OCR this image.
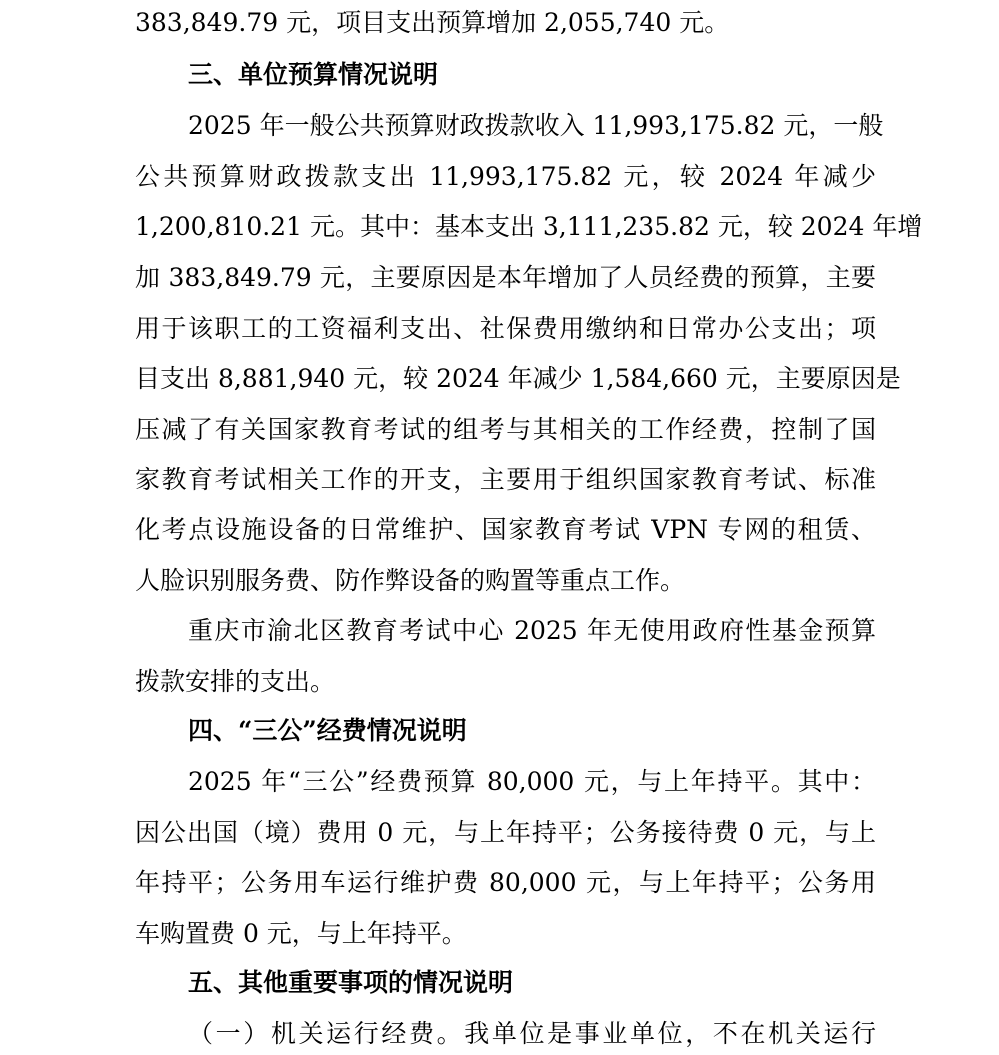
383,849.79 元，项目支出预算增加 2,055,740 元。
三、单位预算情况说明
2025 年一般公共预算财政拨款收入 11,993,175.82 元，一般
公共预算财政拨款支出 11,993,175.82 元，较 2024 年减少
1,200,810.21 元。其中：基本支出 3,111,235.82 元，较 2024 年增
加 383,849.79 元，主要原因是本年增加了人员经费的预算，主要
用于该职工的工资福利支出、社保费用缴纳和日常办公支出；项
目支出 8,881,940 元，较 2024 年减少 1,584,660 元，主要原因是
压减了有关国家教育考试的组考与其相关的工作经费，控制了国
家教育考试相关工作的开支，主要用于组织国家教育考试、标准
化考点设施设备的日常维护、国家教育考试 VPN 专网的租赁、
人脸识别服务费、防作弊设备的购置等重点工作。
重庆市渝北区教育考试中心 2025 年无使用政府性基金预算
拨款安排的支出。
四、“三公”经费情况说明
2025 年“三公”经费预算 80,000 元，与上年持平。其中：
因公出国（境）费用 0 元，与上年持平；公务接待费 0 元，与上
年持平；公务用车运行维护费 80,000 元，与上年持平；公务用
车购置费 0 元，与上年持平。
五、其他重要事项的情况说明
（一）机关运行经费。我单位是事业单位，不在机关运行
